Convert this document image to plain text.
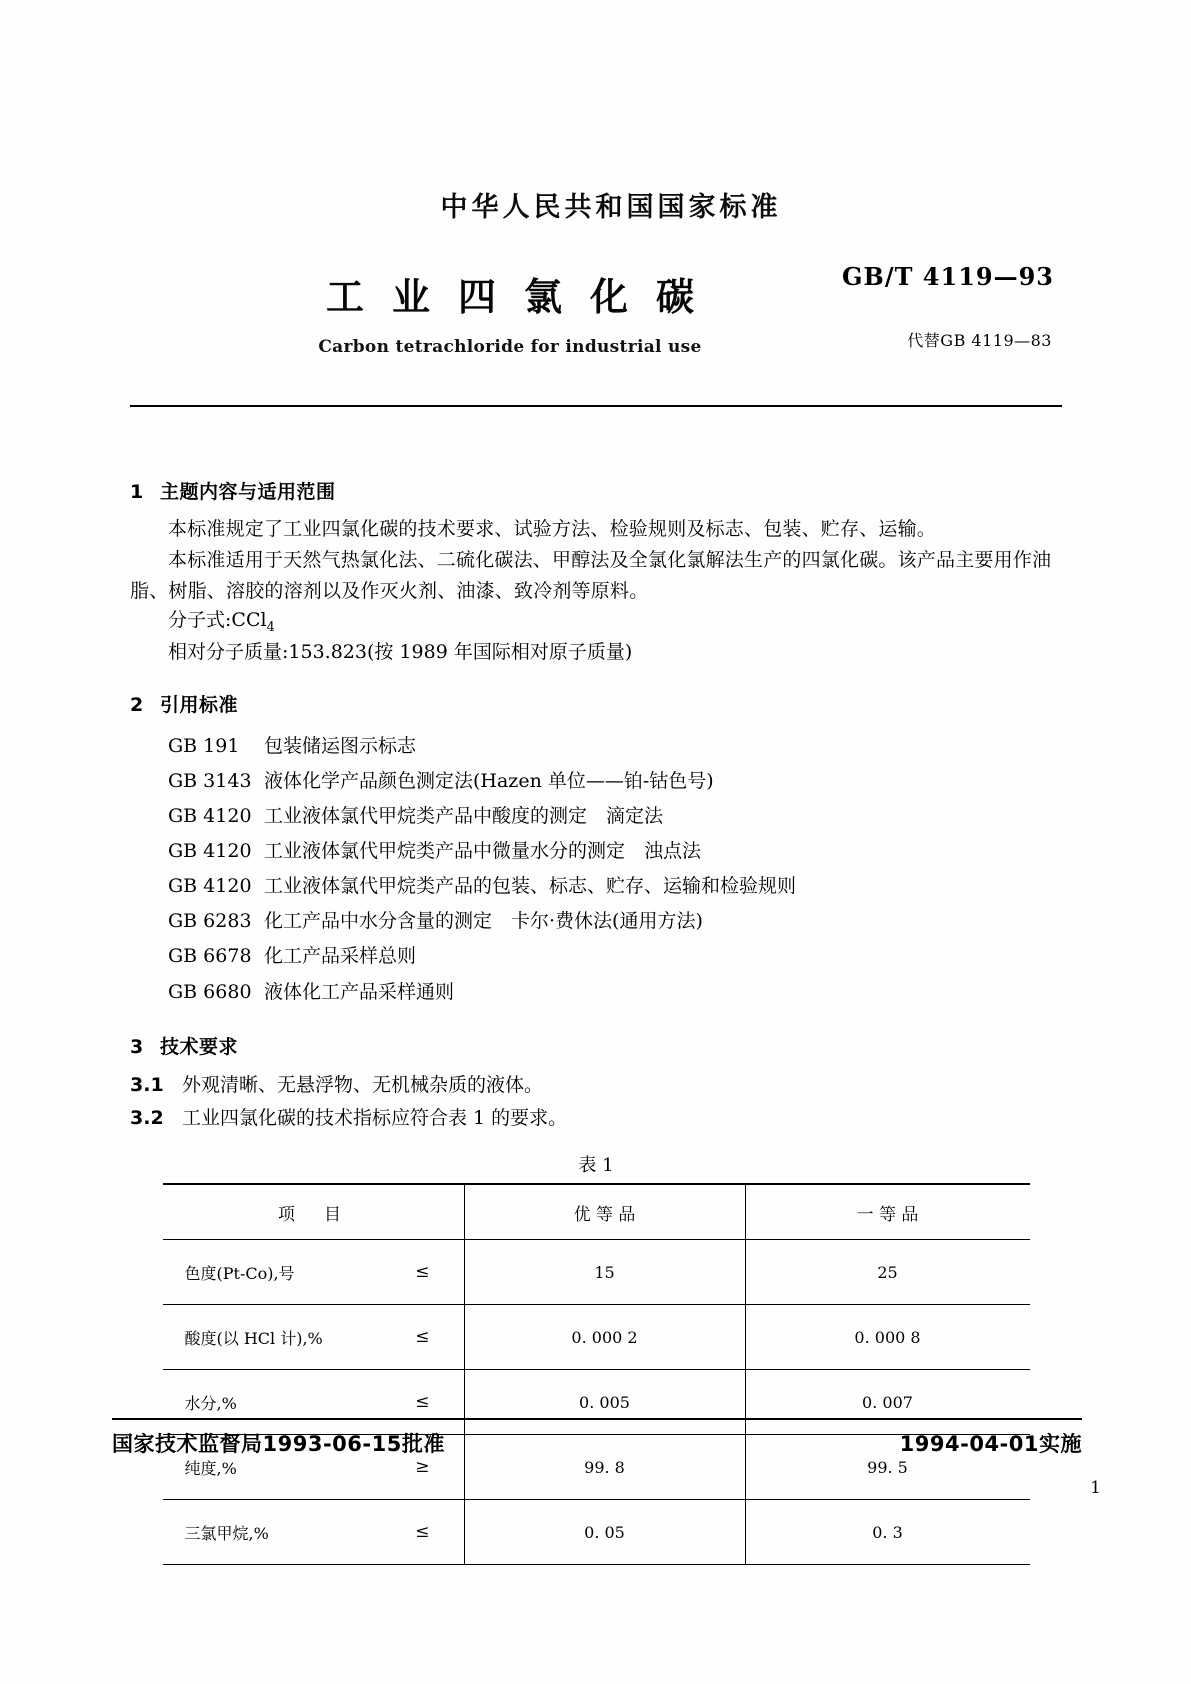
中华人民共和国国家标准
工业四氯化碳
Carbon tetrachloride for industrial use
GB/T 4119—93
代替GB 4119—83
1 主题内容与适用范围

本标准规定了工业四氯化碳的技术要求、试验方法、检验规则及标志、包装、贮存、运输。

本标准适用于天然气热氯化法、二硫化碳法、甲醇法及全氯化氯解法生产的四氯化碳。该产品主要用作油脂、树脂、溶胶的溶剂以及作灭火剂、油漆、致冷剂等原料。

分子式:CCl$_4$

相对分子质量:153.823(按 1989 年国际相对原子质量)

2 引用标准
GB 191 包装储运图示标志
GB 3143 液体化学产品颜色测定法(Hazen 单位——铂-钴色号)
GB 4120 工业液体氯代甲烷类产品中酸度的测定　滴定法
GB 4120 工业液体氯代甲烷类产品中微量水分的测定　浊点法
GB 4120 工业液体氯代甲烷类产品的包装、标志、贮存、运输和检验规则
GB 6283 化工产品中水分含量的测定　卡尔·费休法(通用方法)
GB 6678 化工产品采样总则
GB 6680 液体化工产品采样通则
3 技术要求

3.1 外观清晰、无悬浮物、无机械杂质的液体。

3.2 工业四氯化碳的技术指标应符合表 1 的要求。

表 1
项　目	优 等 品	一 等 品
色度(Pt-Co),号 ≤	15	25
酸度(以 HCl 计),% ≤	0. 000 2	0. 000 8
水分,% ≤	0. 005	0. 007
纯度,% ≥	99. 8	99. 5
三氯甲烷,% ≤	0. 05	0. 3
国家技术监督局1993-06-15批准	1994-04-01实施
1
